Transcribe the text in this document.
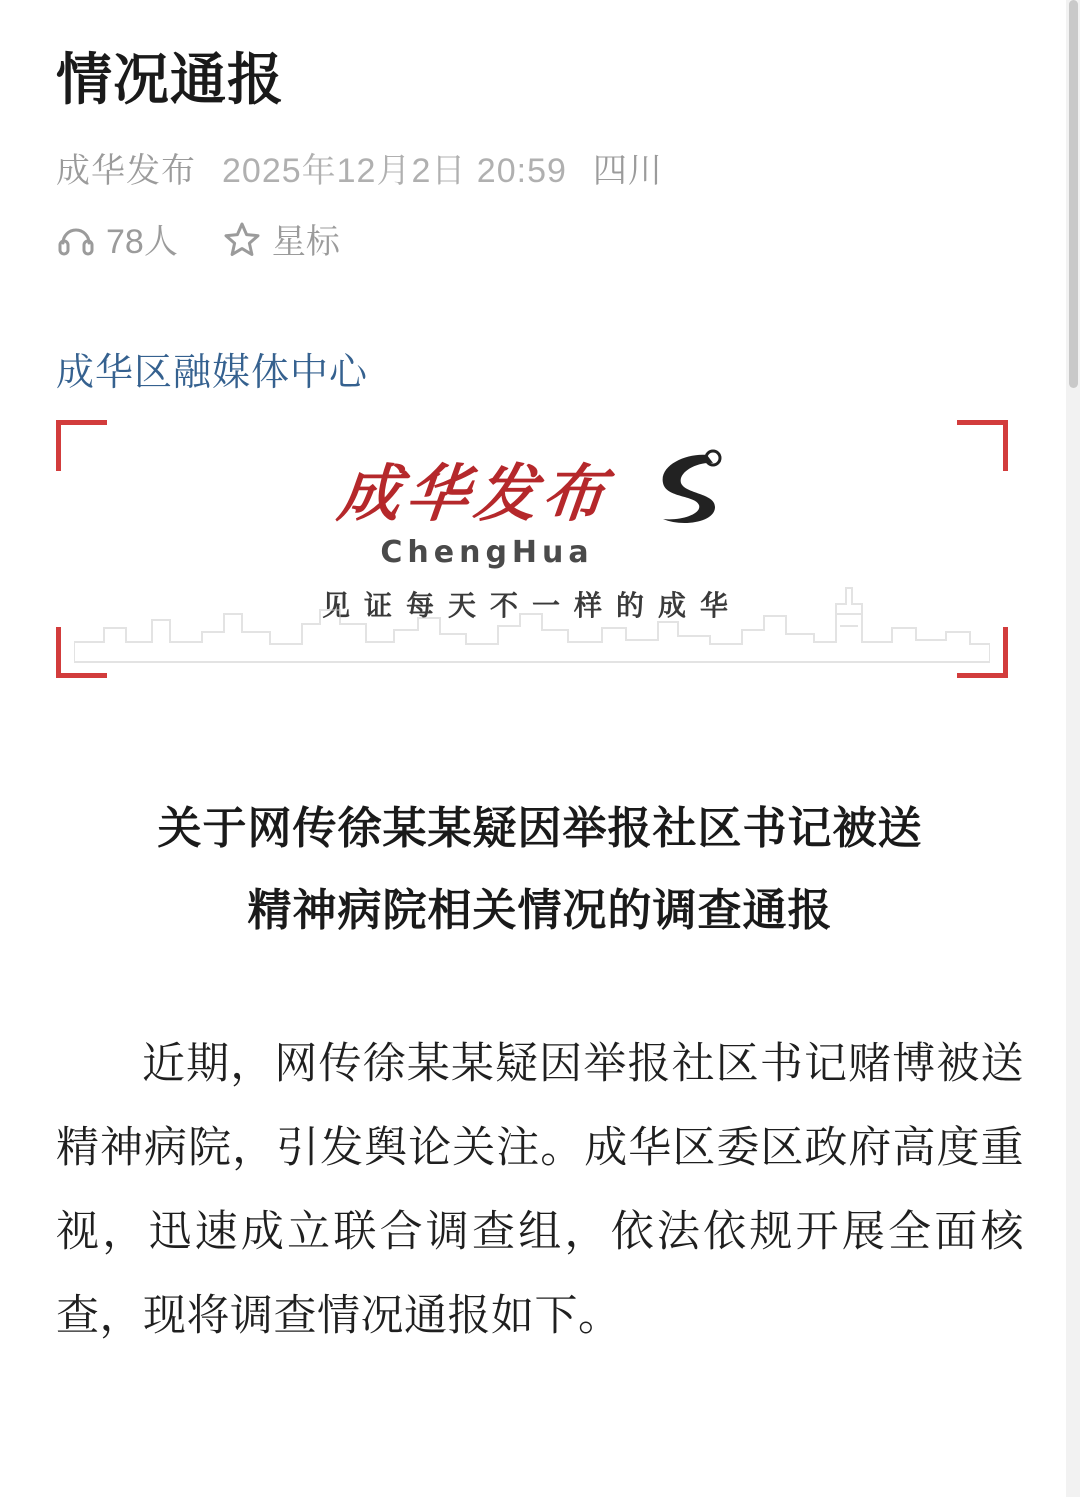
情况通报
成华发布 2025年12月2日 20:59 四川
78人	星标
成华区融媒体中心
成华发布
ChengHua
见证每天不一样的成华
关于网传徐某某疑因举报社区书记被送
精神病院相关情况的调查通报

近期，网传徐某某疑因举报社区书记赌博被送精神病院，引发舆论关注。成华区委区政府高度重视，迅速成立联合调查组，依法依规开展全面核查，现将调查情况通报如下。
